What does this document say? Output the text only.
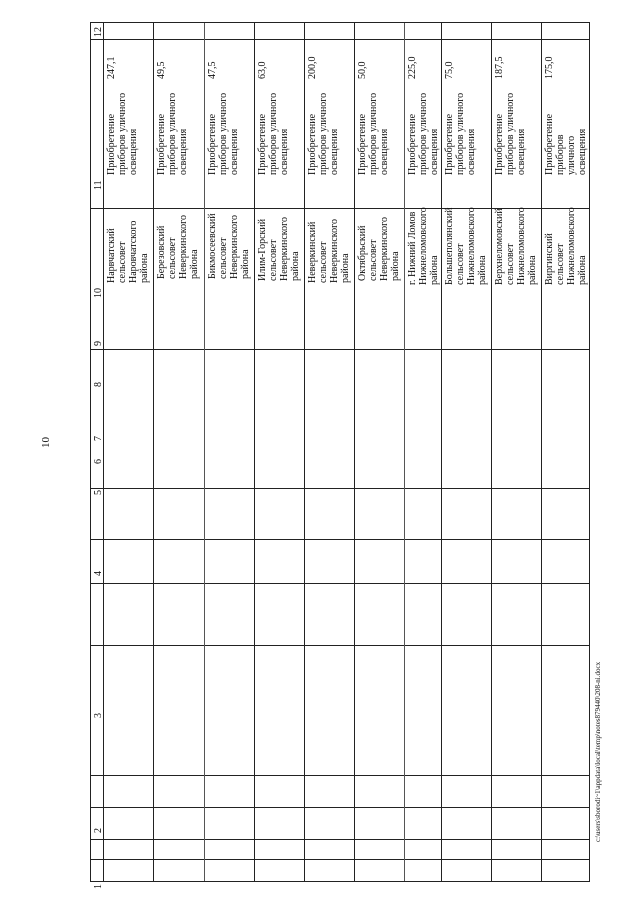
10
c:\users\sborodi~1\appdata\local\temp\notes879440\208-ni.docx
1
2
3
4
5
6
7
8
9
10
11
12
Нарвчатский
сельсовет
Наровчатского
района
Приобретение
приборов уличного
освещения
247,1
Березовский
сельсовет
Неверкинского
района
Приобретение
приборов уличного
освещения
49,5
Бикмосеевский
сельсовет
Неверкинского
района
Приобретение
приборов уличного
освещения
47,5
Илим-Горский
сельсовет
Неверкинского
района
Приобретение
приборов уличного
освещения
63,0
Неверкинский
сельсовет
Неверкинского
района
Приобретение
приборов уличного
освещения
200,0
Октябрьский
сельсовет
Неверкинского
района
Приобретение
приборов уличного
освещения
50,0
г. Нижний Ломов
Нижнеломовского
района
Приобретение
приборов уличного
освещения
225,0
Большеполянский
сельсовет
Нижнеломовского
района
Приобретение
приборов уличного
освещения
75,0
Верхнеломовский
сельсовет
Нижнеломовского
района
Приобретение
приборов уличного
освещения
187,5
Виргинский
сельсовет
Нижнеломовского
района
Приобретение
приборов уличного
освещения
175,0
